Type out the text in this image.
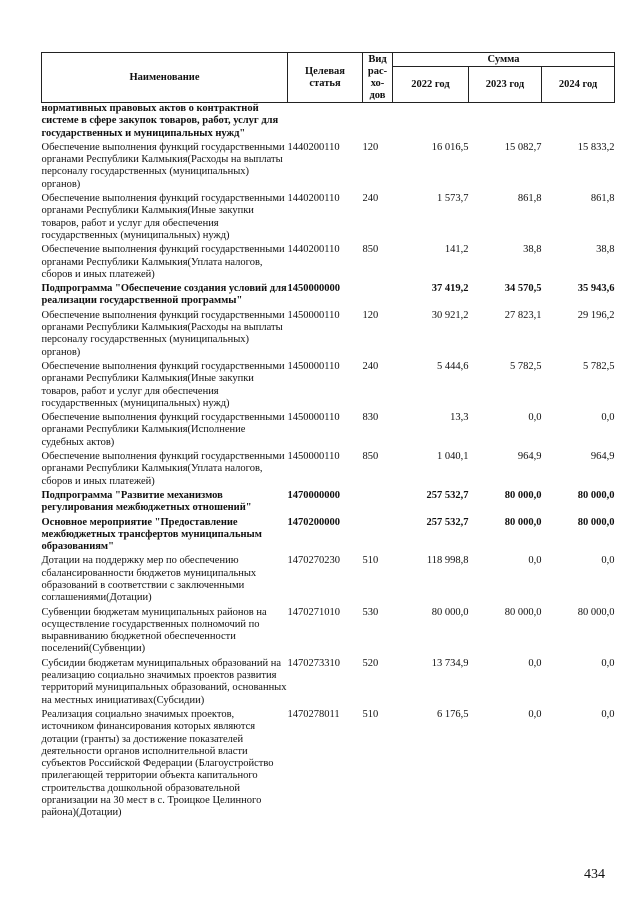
Наименование	Целевая статья	Вид
рас-
хо-
дов	Сумма		
			2022 год	2023 год	2024 год
нормативных правовых актов о контрактной системе в сфере закупок товаров, работ, услуг для государственных и муниципальных нужд"					
Обеспечение выполнения функций государственными органами Республики Калмыкия(Расходы на выплаты персоналу государственных (муниципальных) органов)	1440200110	120	16 016,5	15 082,7	15 833,2
Обеспечение выполнения функций государственными органами Республики Калмыкия(Иные закупки товаров, работ и услуг для обеспечения государственных (муниципальных) нужд)	1440200110	240	1 573,7	861,8	861,8
Обеспечение выполнения функций государственными органами Республики Калмыкия(Уплата налогов, сборов и иных платежей)	1440200110	850	141,2	38,8	38,8
Подпрограмма "Обеспечение создания условий для реализации государственной программы"	1450000000		37 419,2	34 570,5	35 943,6
Обеспечение выполнения функций государственными органами Республики Калмыкия(Расходы на выплаты персоналу государственных (муниципальных) органов)	1450000110	120	30 921,2	27 823,1	29 196,2
Обеспечение выполнения функций государственными органами Республики Калмыкия(Иные закупки товаров, работ и услуг для обеспечения государственных (муниципальных) нужд)	1450000110	240	5 444,6	5 782,5	5 782,5
Обеспечение выполнения функций государственными органами Республики Калмыкия(Исполнение судебных актов)	1450000110	830	13,3	0,0	0,0
Обеспечение выполнения функций государственными органами Республики Калмыкия(Уплата налогов, сборов и иных платежей)	1450000110	850	1 040,1	964,9	964,9
Подпрограмма "Развитие механизмов регулирования межбюджетных отношений"	1470000000		257 532,7	80 000,0	80 000,0
Основное мероприятие "Предоставление межбюджетных трансфертов муниципальным образованиям"	1470200000		257 532,7	80 000,0	80 000,0
Дотации на поддержку мер по обеспечению сбалансированности бюджетов муниципальных образований в соответствии с заключенными соглашениями(Дотации)	1470270230	510	118 998,8	0,0	0,0
Субвенции бюджетам муниципальных районов на осуществление государственных полномочий по выравниванию бюджетной обеспеченности поселений(Субвенции)	1470271010	530	80 000,0	80 000,0	80 000,0
Субсидии бюджетам муниципальных образований на реализацию социально значимых проектов развития территорий муниципальных образований, основанных на местных инициативах(Субсидии)	1470273310	520	13 734,9	0,0	0,0
Реализация социально значимых проектов, источником финансирования которых являются дотации (гранты) за достижение показателей деятельности органов исполнительной власти субъектов Российской Федерации (Благоустройство прилегающей территории объекта капитального строительства дошкольной образовательной организации на 30 мест в с. Троицкое Целинного района)(Дотации)	1470278011	510	6 176,5	0,0	0,0
434
